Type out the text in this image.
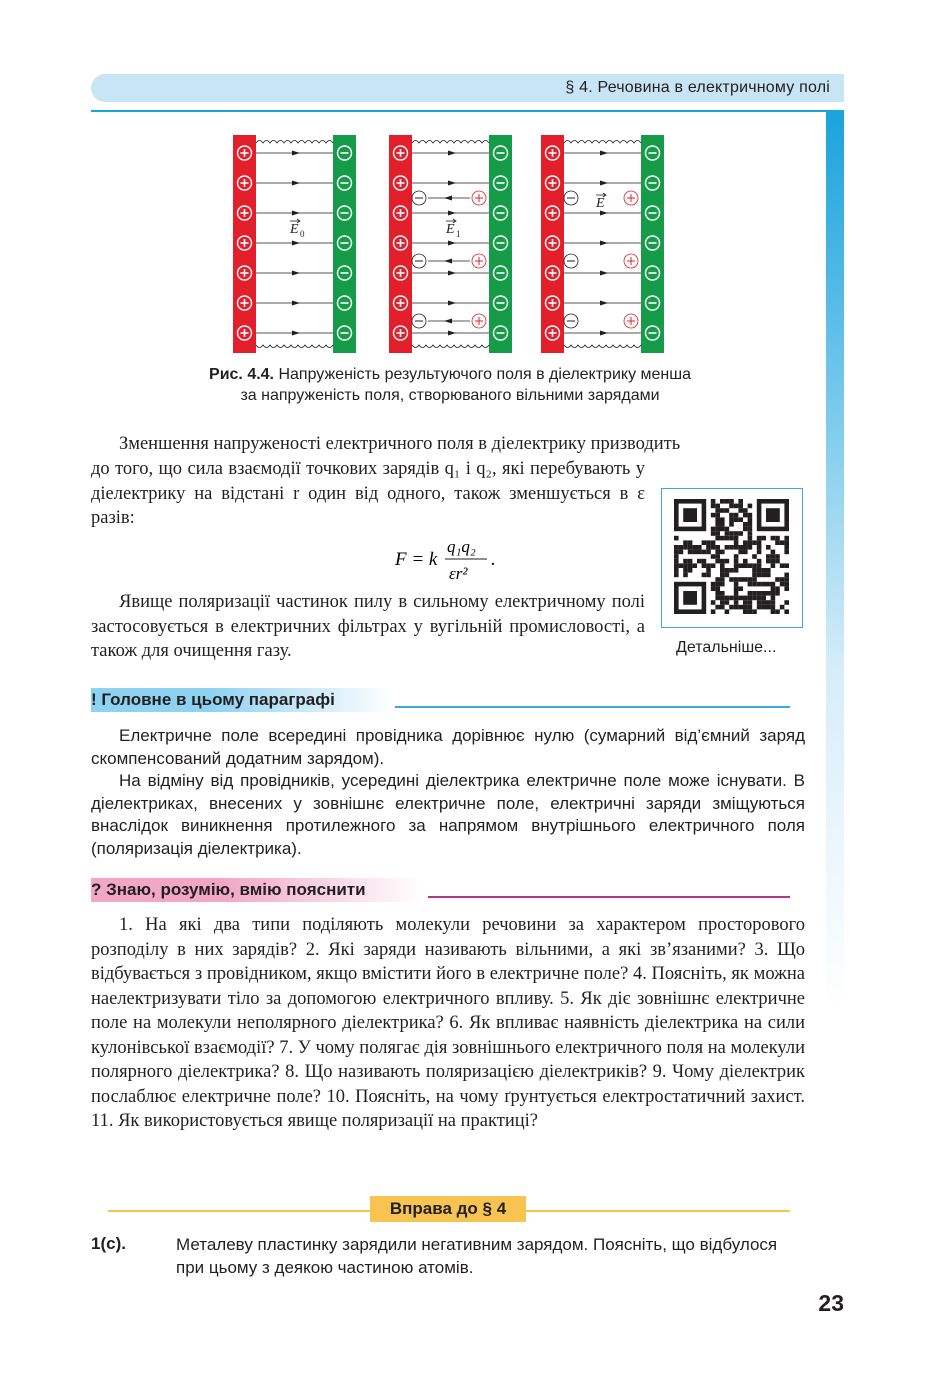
§ 4. Речовина в електричному полі
E 0	E 1
E
Рис. 4.4. Напруженість результуючого поля в діелектрику менша
за напруженість поля, створюваного вільними зарядами
Зменшення напруженості електричного поля в діелектрику призводить
до того, що сила взаємодії точкових зарядів q₁ і q₂, які перебувають у діелектрику на відстані r один від одного, також зменшується в ε разів:
F = k
q₁q₂
εr²
.
Явище поляризації частинок пилу в сильному електричному полі застосовується в електричних фільтрах у вугільній промисловості, а також для очищення газу.	Детальніше...
! Головне в цьому параграфі
Електричне поле всередині провідника дорівнює нулю (сумарний від’ємний заряд скомпенсований додатним зарядом).
На відміну від провідників, усередині діелектрика електричне поле може існувати. В діелектриках, внесених у зовнішнє електричне поле, електричні заряди зміщуються внаслідок виникнення протилежного за напрямом внутрішнього електричного поля (поляризація діелектрика).
? Знаю, розумію, вмію пояснити
1. На які два типи поділяють молекули речовини за характером просторового розподілу в них зарядів? 2. Які заряди називають вільними, а які зв’язаними? 3. Що відбувається з провідником, якщо вмістити його в електричне поле? 4. Поясніть, як можна наелектризувати тіло за допомогою електричного впливу. 5. Як діє зовнішнє електричне поле на молекули неполярного діелектрика? 6. Як впливає наявність діелектрика на сили кулонівської взаємодії? 7. У чому полягає дія зовнішнього електричного поля на молекули полярного діелектрика? 8. Що називають поляризацією діелектриків? 9. Чому діелектрик послаблює електричне поле? 10. Поясніть, на чому ґрунтується електростатичний захист. 11. Як використовується явище поляризації на практиці?
Вправа до § 4
1(с).	Металеву пластинку зарядили негативним зарядом. Поясніть, що відбулося при цьому з деякою частиною атомів.
23
